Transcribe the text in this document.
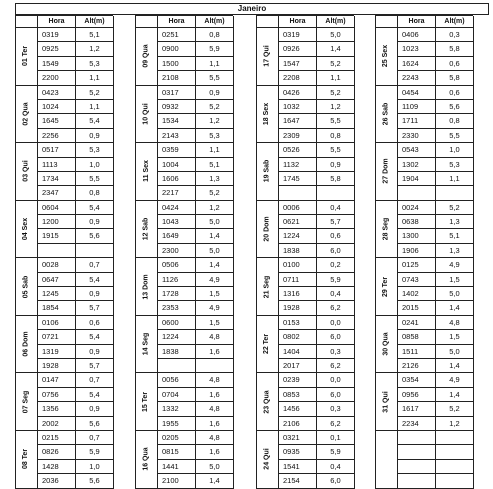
Janeiro
Hora	Alt(m)
01 Ter
0319	5,1
0925	1,2
1549	5,3
2200	1,1
02 Qua
0423	5,2
1024	1,1
1645	5,4
2256	0,9
03 Qui
0517	5,3
1113	1,0
1734	5,5
2347	0,8
04 Sex
0604	5,4
1200	0,9
1915	5,6
05 Sab
0028	0,7
0647	5,4
1245	0,9
1854	5,7
06 Dom
0106	0,6
0721	5,4
1319	0,9
1928	5,7
07 Seg
0147	0,7
0756	5,4
1356	0,9
2002	5,6
08 Ter
0215	0,7
0826	5,9
1428	1,0
2036	5,6
Hora	Alt(m)
09 Qua
0251	0,8
0900	5,9
1500	1,1
2108	5,5
10 Qui
0317	0,9
0932	5,2
1534	1,2
2143	5,3
11 Sex
0359	1,1
1004	5,1
1606	1,3
2217	5,2
12 Sab
0424	1,2
1043	5,0
1649	1,4
2300	5,0
13 Dom
0506	1,4
1126	4,9
1728	1,5
2353	4,9
14 Seg
0600	1,5
1224	4,8
1838	1,6
15 Ter
0056	4,8
0704	1,6
1332	4,8
1955	1,6
16 Qua
0205	4,8
0815	1,6
1441	5,0
2100	1,4
Hora	Alt(m)
17 Qui
0319	5,0
0926	1,4
1547	5,2
2208	1,1
18 Sex
0426	5,2
1032	1,2
1647	5,5
2309	0,8
19 Sab
0526	5,5
1132	0,9
1745	5,8
20 Dom
0006	0,4
0621	5,7
1224	0,6
1838	6,0
21 Seg
0100	0,2
0711	5,9
1316	0,4
1928	6,2
22 Ter
0153	0,0
0802	6,0
1404	0,3
2017	6,2
23 Qua
0239	0,0
0853	6,0
1456	0,3
2106	6,2
24 Qui
0321	0,1
0935	5,9
1541	0,4
2154	6,0
Hora	Alt(m)
25 Sex
0406	0,3
1023	5,8
1624	0,6
2243	5,8
26 Sab
0454	0,6
1109	5,6
1711	0,8
2330	5,5
27 Dom
0543	1,0
1302	5,3
1904	1,1
28 Seg
0024	5,2
0638	1,3
1300	5,1
1906	1,3
29 Ter
0125	4,9
0743	1,5
1402	5,0
2015	1,4
30 Qua
0241	4,8
0858	1,5
1511	5,0
2126	1,4
31 Qui
0354	4,9
0956	1,4
1617	5,2
2234	1,2
